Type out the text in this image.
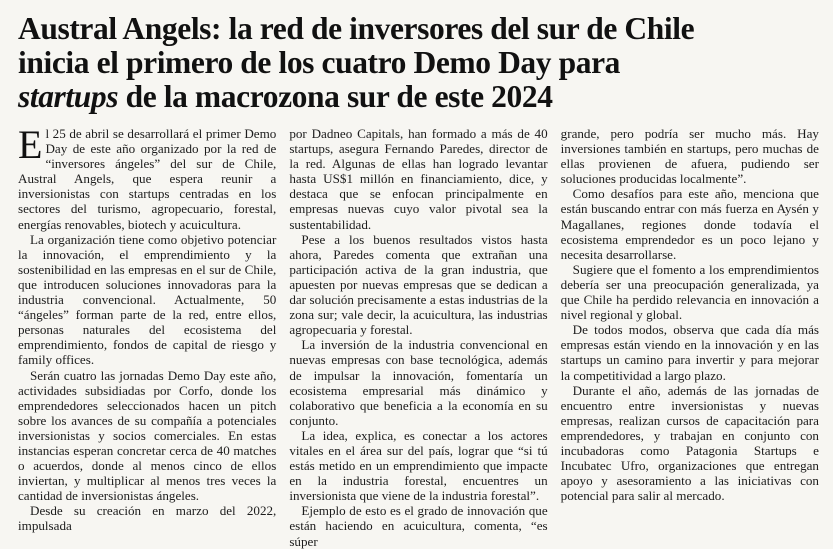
Austral Angels: la red de inversores del sur de Chile
inicia el primero de los cuatro Demo Day para
startups de la macrozona sur de este 2024

El 25 de abril se desarrollará el primer Demo Day de este año organizado por la red de “inversores ángeles” del sur de Chile, Austral Angels, que espera reunir a inversionistas con startups centradas en los sectores del turismo, agropecuario, forestal, energías renovables, biotech y acuicultura.

La organización tiene como objetivo potenciar la innovación, el emprendimiento y la sostenibilidad en las empresas en el sur de Chile, que introducen soluciones innovadoras para la industria convencional. Actualmente, 50 “ángeles” forman parte de la red, entre ellos, personas naturales del ecosistema del emprendimiento, fondos de capital de riesgo y family offices.

Serán cuatro las jornadas Demo Day este año, actividades subsidiadas por Corfo, donde los emprendedores seleccionados hacen un pitch sobre los avances de su compañía a potenciales inversionistas y socios comerciales. En estas instancias esperan concretar cerca de 40 matches o acuerdos, donde al menos cinco de ellos inviertan, y multiplicar al menos tres veces la cantidad de inversionistas ángeles.

Desde su creación en marzo del 2022, impulsada

por Dadneo Capitals, han formado a más de 40 startups, asegura Fernando Paredes, director de la red. Algunas de ellas han logrado levantar hasta US$1 millón en financiamiento, dice, y destaca que se enfocan principalmente en empresas nuevas cuyo valor pivotal sea la sustentabilidad.

Pese a los buenos resultados vistos hasta ahora, Paredes comenta que extrañan una participación activa de la gran industria, que apuesten por nuevas empresas que se dedican a dar solución precisamente a estas industrias de la zona sur; vale decir, la acuicultura, las industrias agropecuaria y forestal.

La inversión de la industria convencional en nuevas empresas con base tecnológica, además de impulsar la innovación, fomentaría un ecosistema empresarial más dinámico y colaborativo que beneficia a la economía en su conjunto.

La idea, explica, es conectar a los actores vitales en el área sur del país, lograr que “si tú estás metido en un emprendimiento que impacte en la industria forestal, encuentres un inversionista que viene de la industria forestal”.

Ejemplo de esto es el grado de innovación que están haciendo en acuicultura, comenta, “es súper

grande, pero podría ser mucho más. Hay inversiones también en startups, pero muchas de ellas provienen de afuera, pudiendo ser soluciones producidas localmente”.

Como desafíos para este año, menciona que están buscando entrar con más fuerza en Aysén y Magallanes, regiones donde todavía el ecosistema emprendedor es un poco lejano y necesita desarrollarse.

Sugiere que el fomento a los emprendimientos debería ser una preocupación generalizada, ya que Chile ha perdido relevancia en innovación a nivel regional y global.

De todos modos, observa que cada día más empresas están viendo en la innovación y en las startups un camino para invertir y para mejorar la competitividad a largo plazo.

Durante el año, además de las jornadas de encuentro entre inversionistas y nuevas empresas, realizan cursos de capacitación para emprendedores, y trabajan en conjunto con incubadoras como Patagonia Startups e Incubatec Ufro, organizaciones que entregan apoyo y asesoramiento a las iniciativas con potencial para salir al mercado.
